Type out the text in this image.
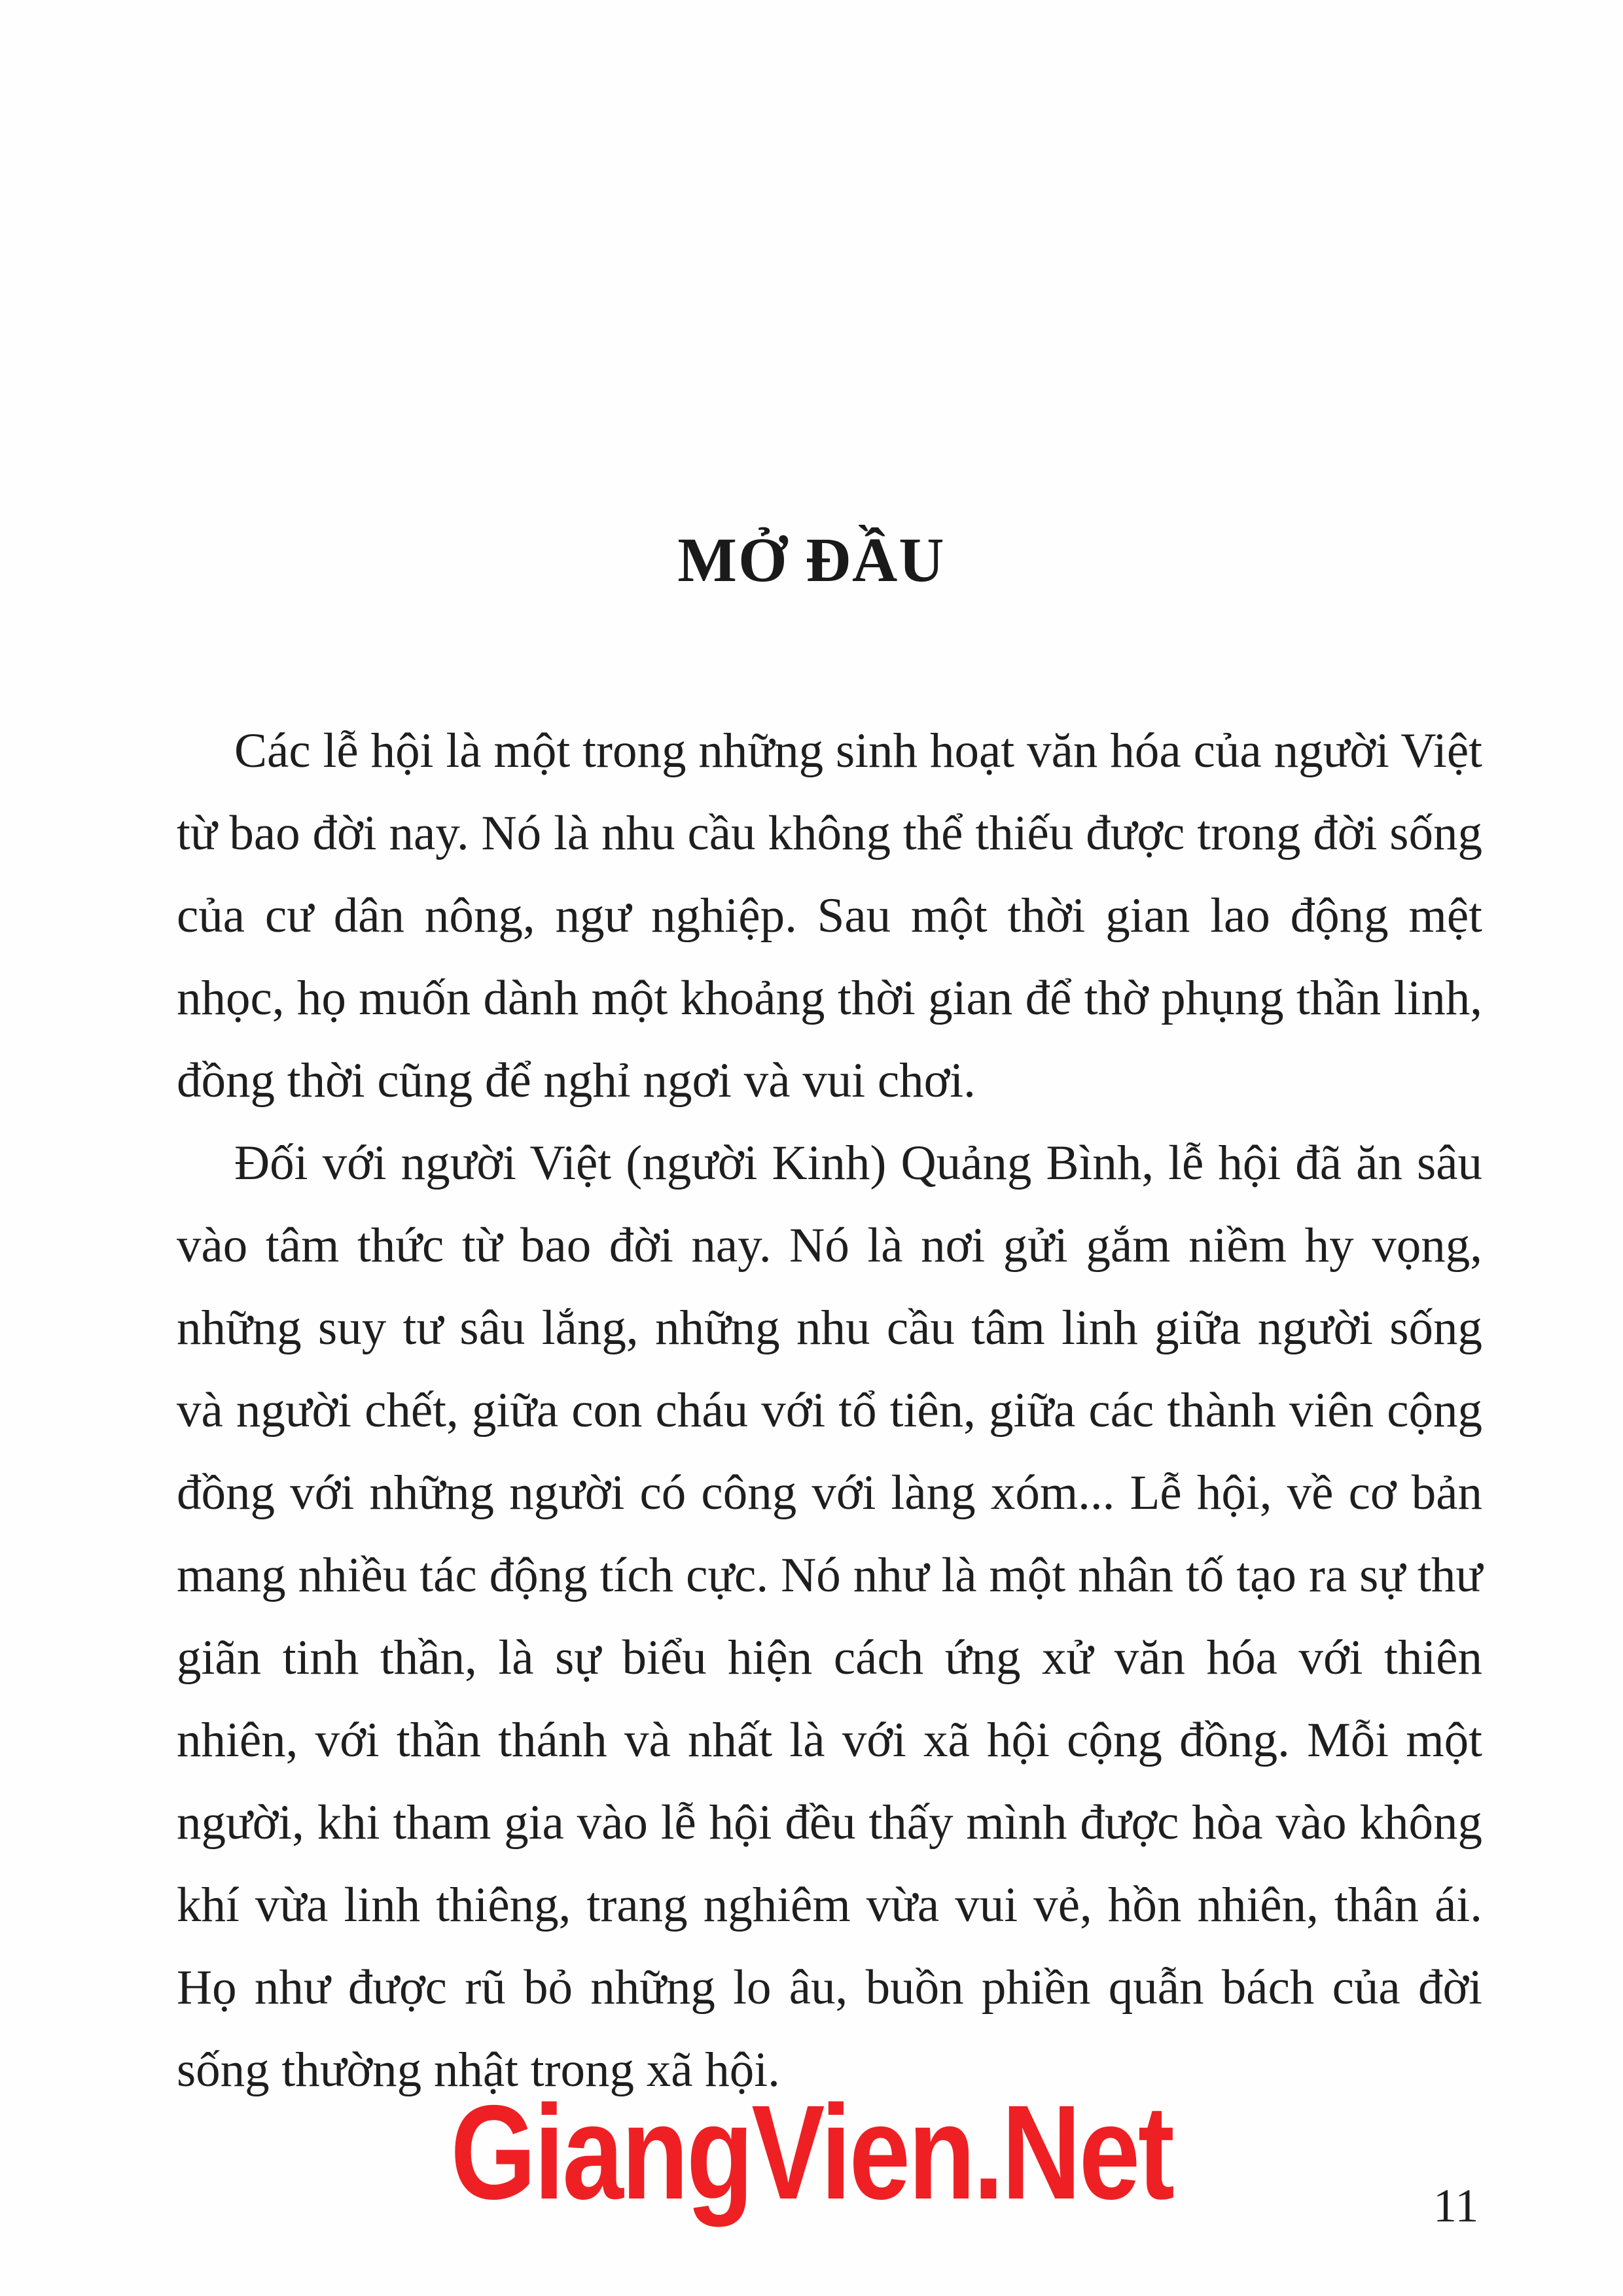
MỞ ĐẦU

Các lễ hội là một trong những sinh hoạt văn hóa của người Việt từ bao đời nay. Nó là nhu cầu không thể thiếu được trong đời sống của cư dân nông, ngư nghiệp. Sau một thời gian lao động mệt nhọc, họ muốn dành một khoảng thời gian để thờ phụng thần linh, đồng thời cũng để nghỉ ngơi và vui chơi.

Đối với người Việt (người Kinh) Quảng Bình, lễ hội đã ăn sâu vào tâm thức từ bao đời nay. Nó là nơi gửi gắm niềm hy vọng, những suy tư sâu lắng, những nhu cầu tâm linh giữa người sống và người chết, giữa con cháu với tổ tiên, giữa các thành viên cộng đồng với những người có công với làng xóm... Lễ hội, về cơ bản mang nhiều tác động tích cực. Nó như là một nhân tố tạo ra sự thư giãn tinh thần, là sự biểu hiện cách ứng xử văn hóa với thiên nhiên, với thần thánh và nhất là với xã hội cộng đồng. Mỗi một người, khi tham gia vào lễ hội đều thấy mình được hòa vào không khí vừa linh thiêng, trang nghiêm vừa vui vẻ, hồn nhiên, thân ái. Họ như được rũ bỏ những lo âu, buồn phiền quẫn bách của đời sống thường nhật trong xã hội.

GiangVien.Net	11
